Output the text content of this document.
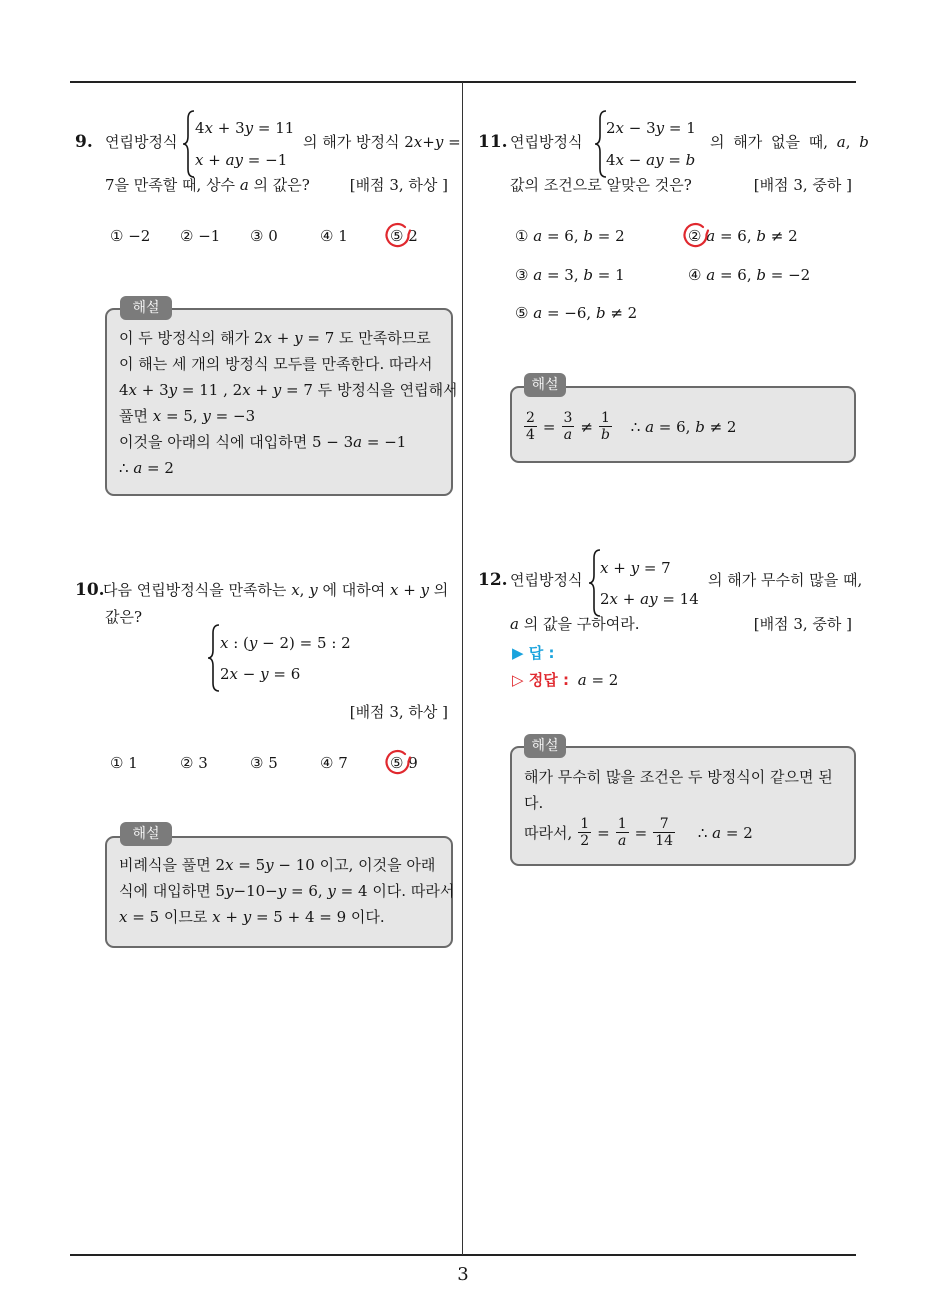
9. 연립방정식
4x + 3y = 11
x + ay = −1
의 해가 방정식 2x+y =
7을 만족할 때, 상수 a 의 값은?	[배점 3, 하상 ]
① −2 ② −1 ③ 0	④ 1	⑤ 2
이 두 방정식의 해가 2x + y = 7 도 만족하므로
이 해는 세 개의 방정식 모두를 만족한다. 따라서
4x + 3y = 11 , 2x + y = 7 두 방정식을 연립해서
풀면 x = 5, y = −3
이것을 아래의 식에 대입하면 5 − 3a = −1
∴ a = 2
해설
10.
다음 연립방정식을 만족하는 x, y 에 대하여 x + y 의
값은?
x : (y − 2) = 5 : 2
2x − y = 6
[배점 3, 하상 ]
① 1	② 3	③ 5	④ 7	⑤ 9
비례식을 풀면 2x = 5y − 10 이고, 이것을 아래
식에 대입하면 5y−10−y = 6, y = 4 이다. 따라서
x = 5 이므로 x + y = 5 + 4 = 9 이다.
해설
11. 연립방정식
2x − 3y = 1
4x − ay = b
의 해가 없을 때, a, b
값의 조건으로 알맞은 것은?	[배점 3, 중하 ]
① a = 6, b = 2	② a = 6, b ≠ 2
③ a = 3, b = 1	④ a = 6, b = −2
⑤ a = −6, b ≠ 2
$\frac{2}{4} = \frac{3}{a} \ne \frac{1}{b}$ ∴ a = 6, b ≠ 2
해설
12. 연립방정식
x + y = 7
2x + ay = 14
의 해가 무수히 많을 때,
a 의 값을 구하여라.	[배점 3, 중하 ]
▶ 답 :
▷ 정답 : a = 2
해가 무수히 많을 조건은 두 방정식이 같으면 된
다.
따라서, $\frac{1}{2} = \frac{1}{a} = \frac{7}{14}$ ∴ a = 2
해설
3
